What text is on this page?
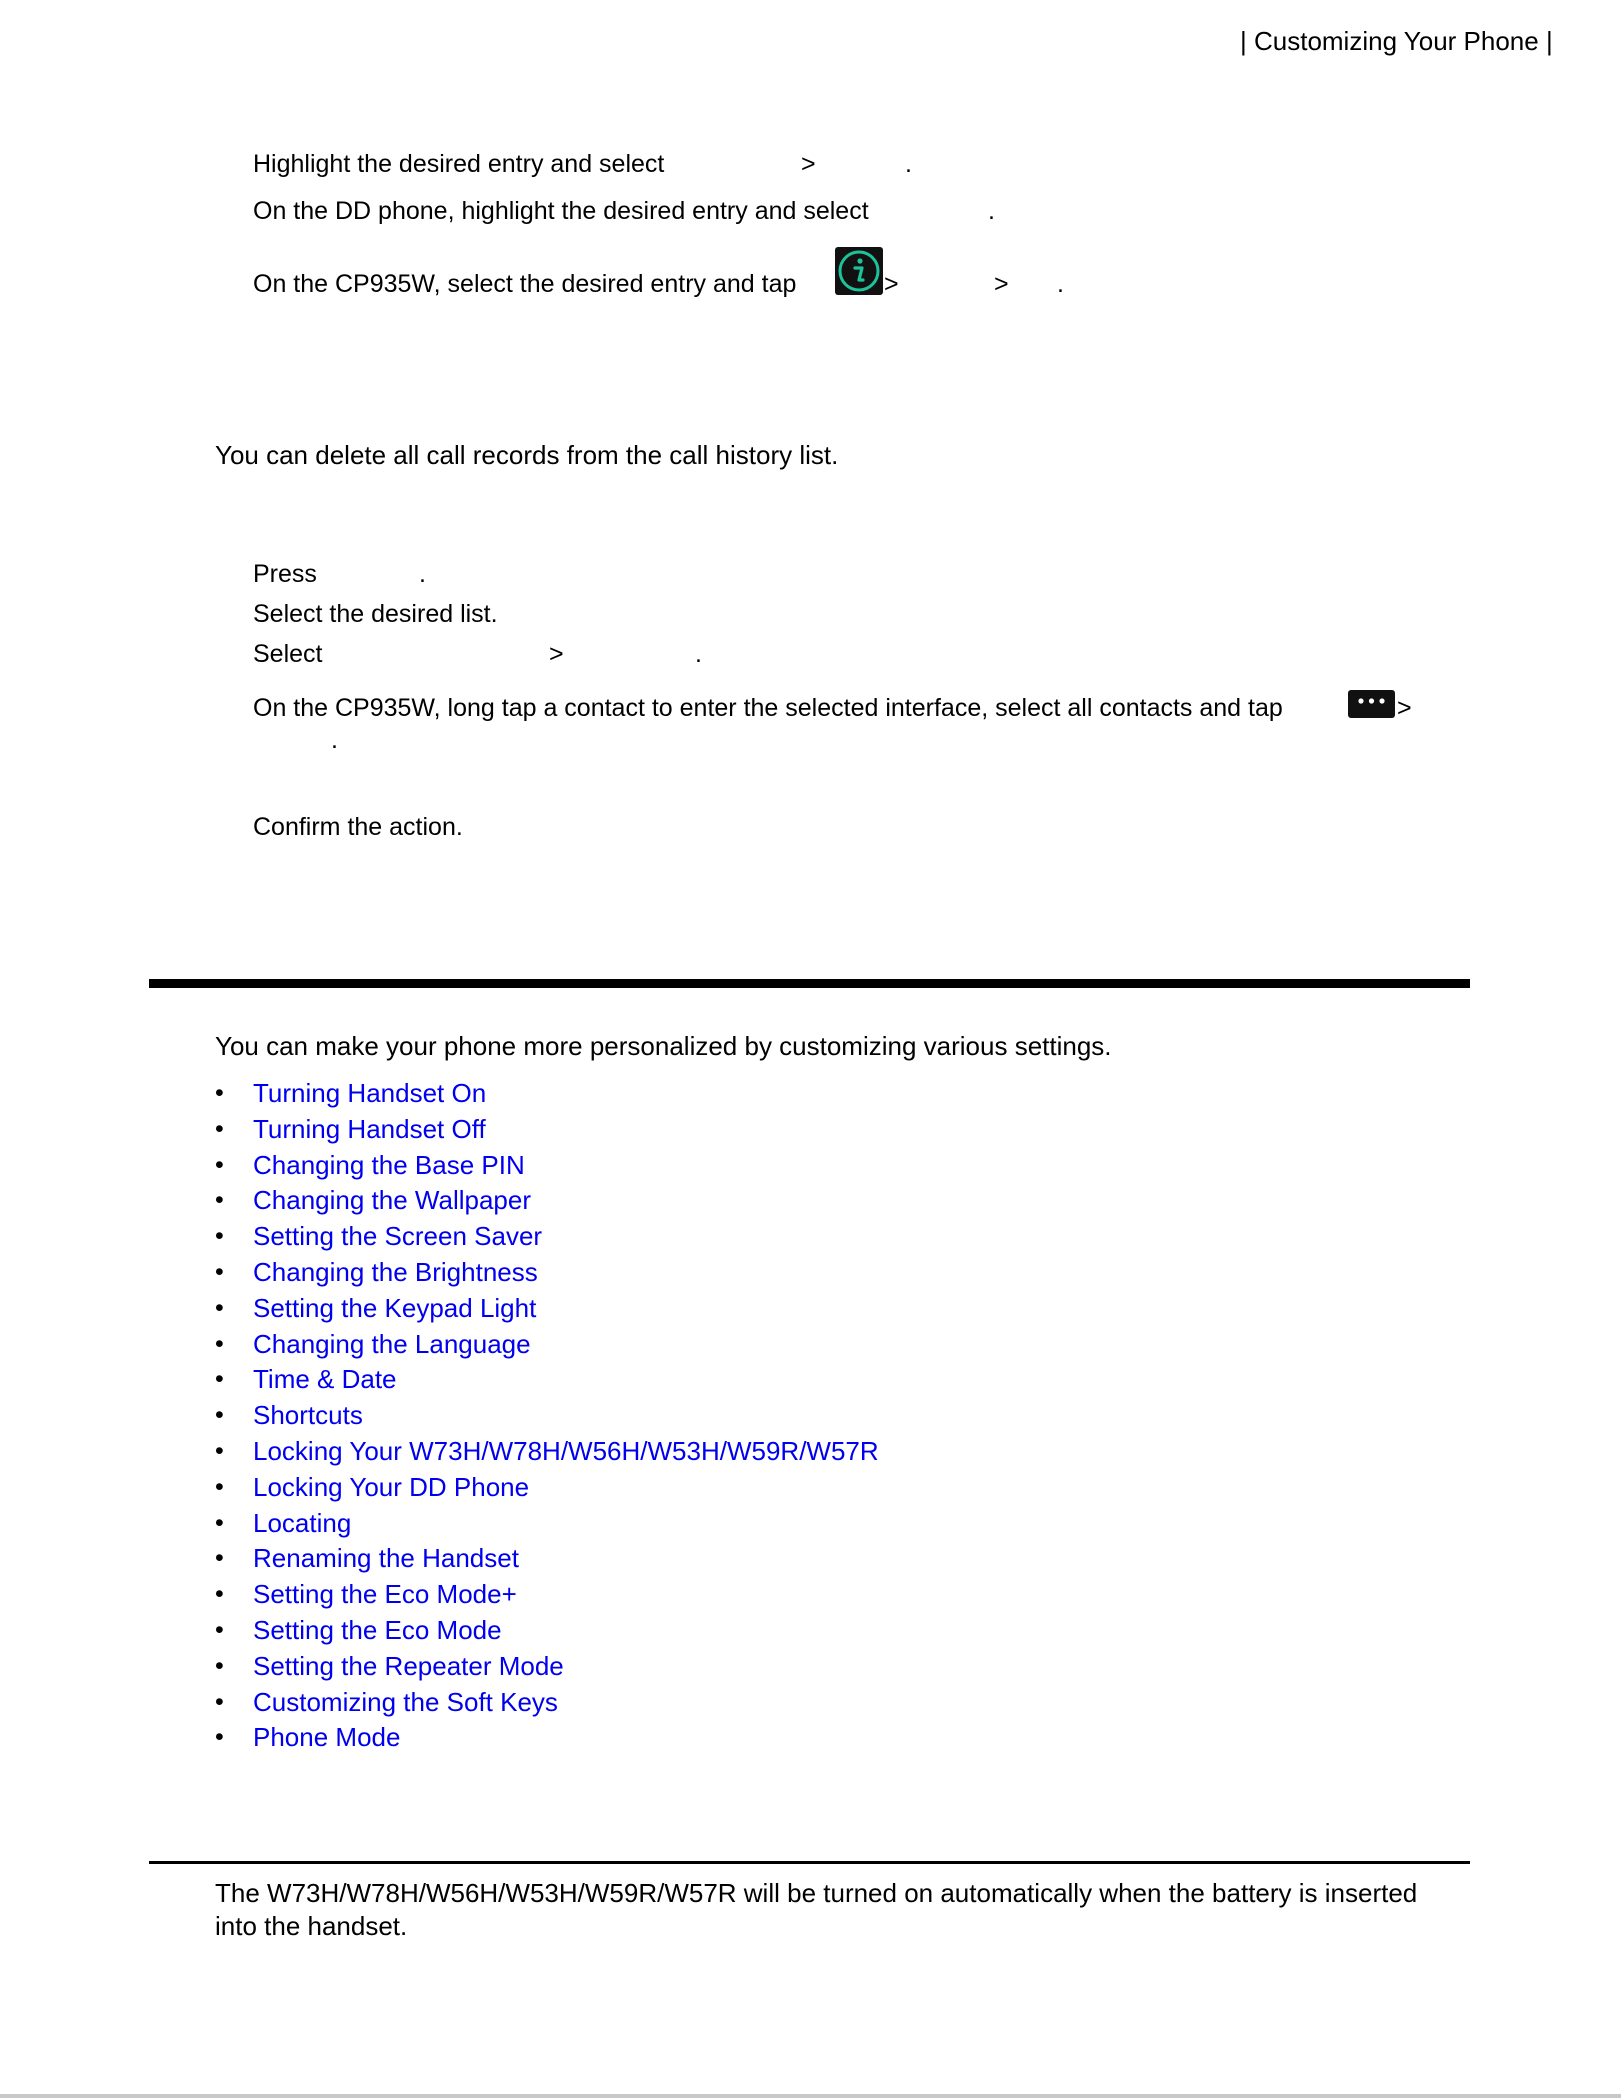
| Customizing Your Phone |
Highlight the desired entry and select	>	.
On the DD phone, highlight the desired entry and select	.
On the CP935W, select the desired entry and tap	>	> .
You can delete all call records from the call history list.
Press	.
Select the desired list.
Select	>	.
On the CP935W, long tap a contact to enter the selected interface, select all contacts and tap	>
.
Confirm the action.
You can make your phone more personalized by customizing various settings.
• Turning Handset On
• Turning Handset Off
• Changing the Base PIN
• Changing the Wallpaper
• Setting the Screen Saver
• Changing the Brightness
• Setting the Keypad Light
• Changing the Language
• Time & Date
• Shortcuts
• Locking Your W73H/W78H/W56H/W53H/W59R/W57R
• Locking Your DD Phone
• Locating
• Renaming the Handset
• Setting the Eco Mode+
• Setting the Eco Mode
• Setting the Repeater Mode
• Customizing the Soft Keys
• Phone Mode
The W73H/W78H/W56H/W53H/W59R/W57R will be turned on automatically when the battery is inserted
into the handset.
